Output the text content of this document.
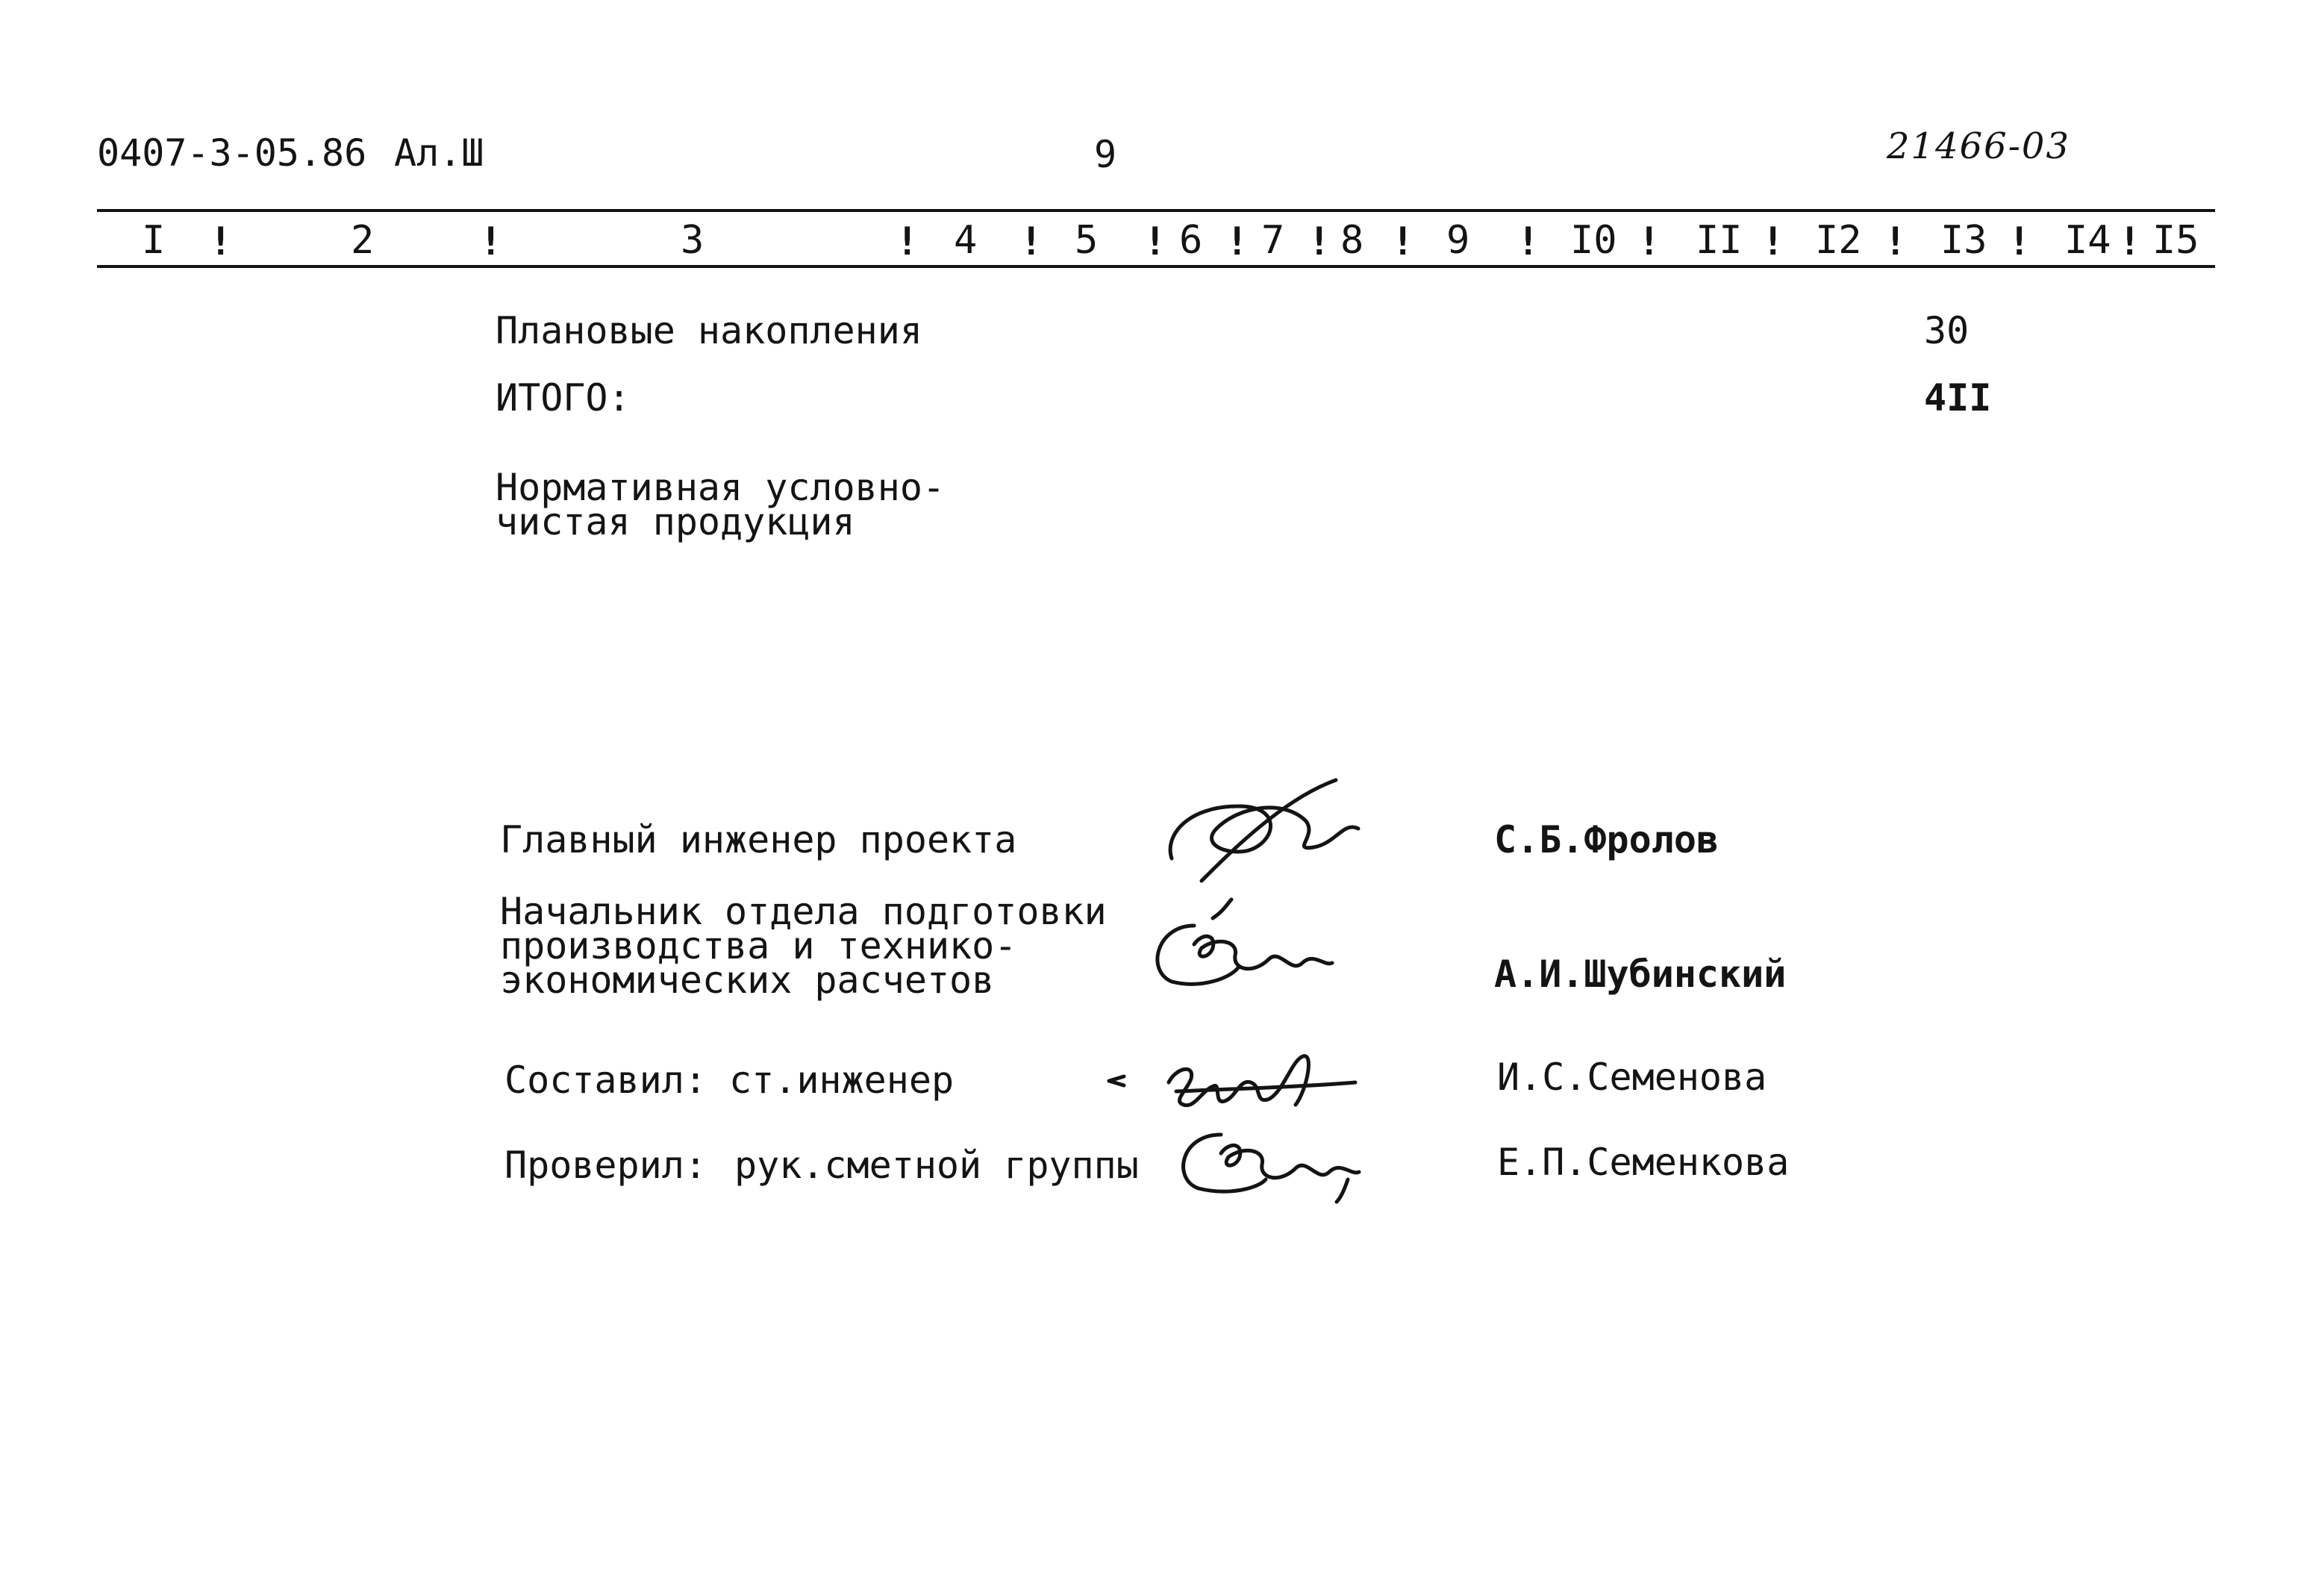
0407-3-05.86 Ал.Ш	9	21466-03
I !	2	!	3	! 4 ! 5 ! 6 ! 7 ! 8 ! 9 ! I0 ! II ! I2 ! I3 ! I4 ! I5
Плановые накопления	30
ИТОГО:	4II
Нормативная условно-
чистая продукция
Главный инженер проекта	С.Б.Фролов
Начальник отдела подготовки
производства и технико-
экономических расчетов	А.И.Шубинский
Составил: ст.инженер	И.С.Семенова
Проверил: рук.сметной группы	Е.П.Семенкова
